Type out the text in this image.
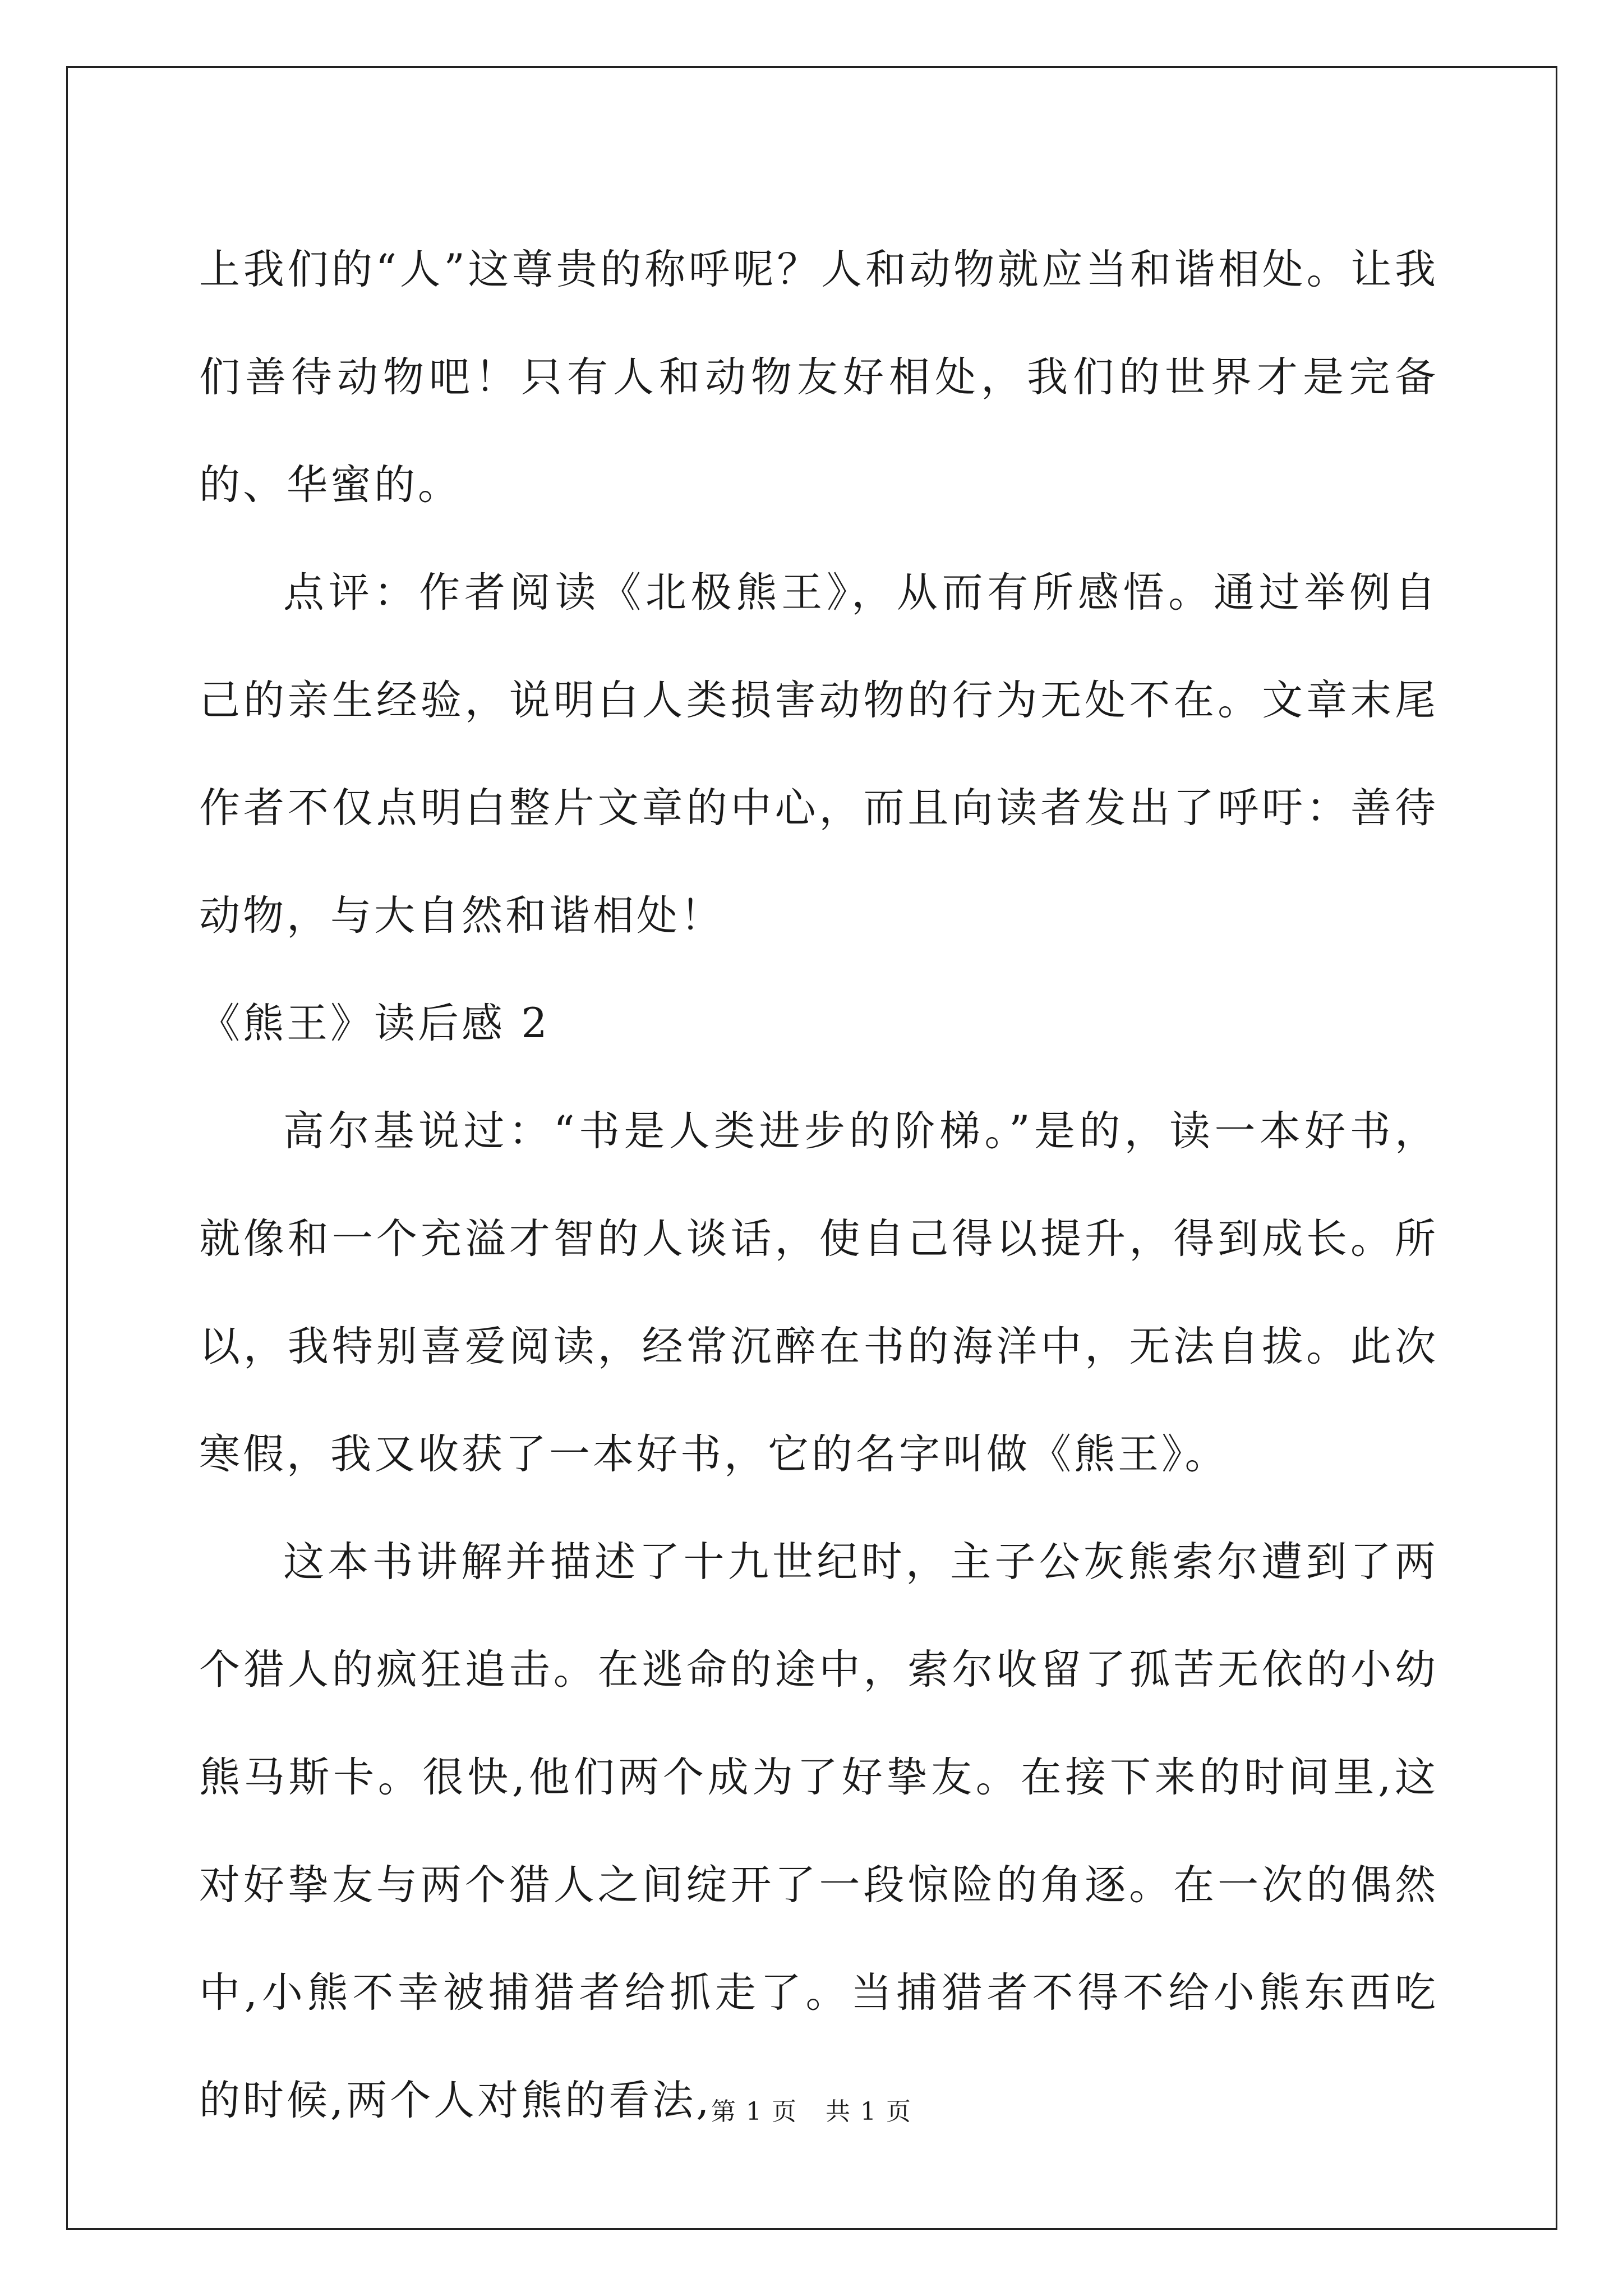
上我们的“人”这尊贵的称呼呢？人和动物就应当和谐相处。让我们善待动物吧！只有人和动物友好相处，我们的世界才是完备的、华蜜的。

点评：作者阅读《北极熊王》，从而有所感悟。通过举例自己的亲生经验，说明白人类损害动物的行为无处不在。文章末尾作者不仅点明白整片文章的中心，而且向读者发出了呼吁：善待动物，与大自然和谐相处！

《熊王》读后感 2

高尔基说过：“书是人类进步的阶梯。”是的，读一本好书，就像和一个充溢才智的人谈话，使自己得以提升，得到成长。所以，我特别喜爱阅读，经常沉醉在书的海洋中，无法自拔。此次寒假，我又收获了一本好书，它的名字叫做《熊王》。

这本书讲解并描述了十九世纪时，主子公灰熊索尔遭到了两个猎人的疯狂追击。在逃命的途中，索尔收留了孤苦无依的小幼熊马斯卡。很快,他们两个成为了好挚友。在接下来的时间里,这对好挚友与两个猎人之间绽开了一段惊险的角逐。在一次的偶然中,小熊不幸被捕猎者给抓走了。当捕猎者不得不给小熊东西吃的时候,两个人对熊的看法,

第 1 页 共 1 页
